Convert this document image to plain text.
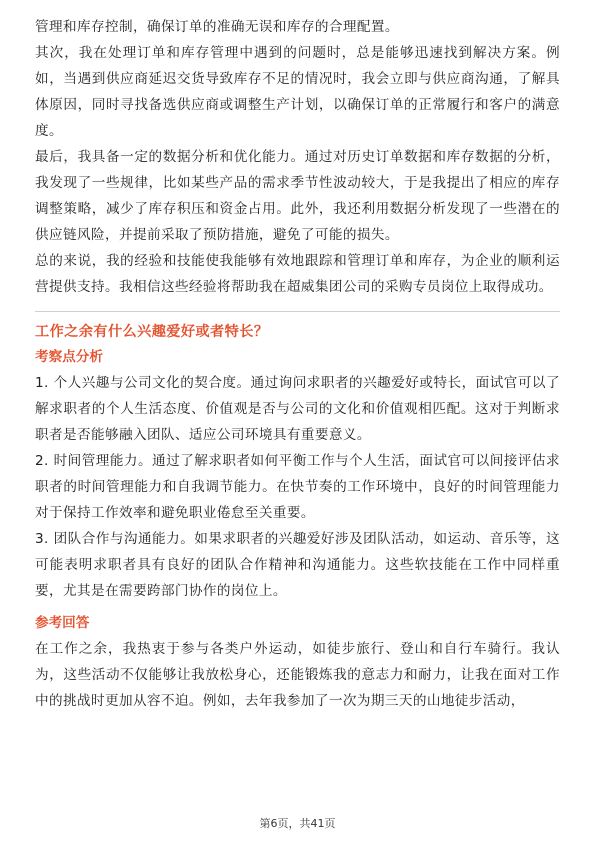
管理和库存控制，确保订单的准确无误和库存的合理配置。

其次，我在处理订单和库存管理中遇到的问题时，总是能够迅速找到解决方案。例如，当遇到供应商延迟交货导致库存不足的情况时，我会立即与供应商沟通，了解具体原因，同时寻找备选供应商或调整生产计划，以确保订单的正常履行和客户的满意度。

最后，我具备一定的数据分析和优化能力。通过对历史订单数据和库存数据的分析，我发现了一些规律，比如某些产品的需求季节性波动较大，于是我提出了相应的库存调整策略，减少了库存积压和资金占用。此外，我还利用数据分析发现了一些潜在的供应链风险，并提前采取了预防措施，避免了可能的损失。

总的来说，我的经验和技能使我能够有效地跟踪和管理订单和库存，为企业的顺利运营提供支持。我相信这些经验将帮助我在超威集团公司的采购专员岗位上取得成功。

工作之余有什么兴趣爱好或者特长？

考察点分析

1. 个人兴趣与公司文化的契合度。通过询问求职者的兴趣爱好或特长，面试官可以了解求职者的个人生活态度、价值观是否与公司的文化和价值观相匹配。这对于判断求职者是否能够融入团队、适应公司环境具有重要意义。

2. 时间管理能力。通过了解求职者如何平衡工作与个人生活，面试官可以间接评估求职者的时间管理能力和自我调节能力。在快节奏的工作环境中，良好的时间管理能力对于保持工作效率和避免职业倦怠至关重要。

3. 团队合作与沟通能力。如果求职者的兴趣爱好涉及团队活动，如运动、音乐等，这可能表明求职者具有良好的团队合作精神和沟通能力。这些软技能在工作中同样重要，尤其是在需要跨部门协作的岗位上。

参考回答

在工作之余，我热衷于参与各类户外运动，如徒步旅行、登山和自行车骑行。我认为，这些活动不仅能够让我放松身心，还能锻炼我的意志力和耐力，让我在面对工作中的挑战时更加从容不迫。例如，去年我参加了一次为期三天的山地徒步活动，

第6页，共41页
